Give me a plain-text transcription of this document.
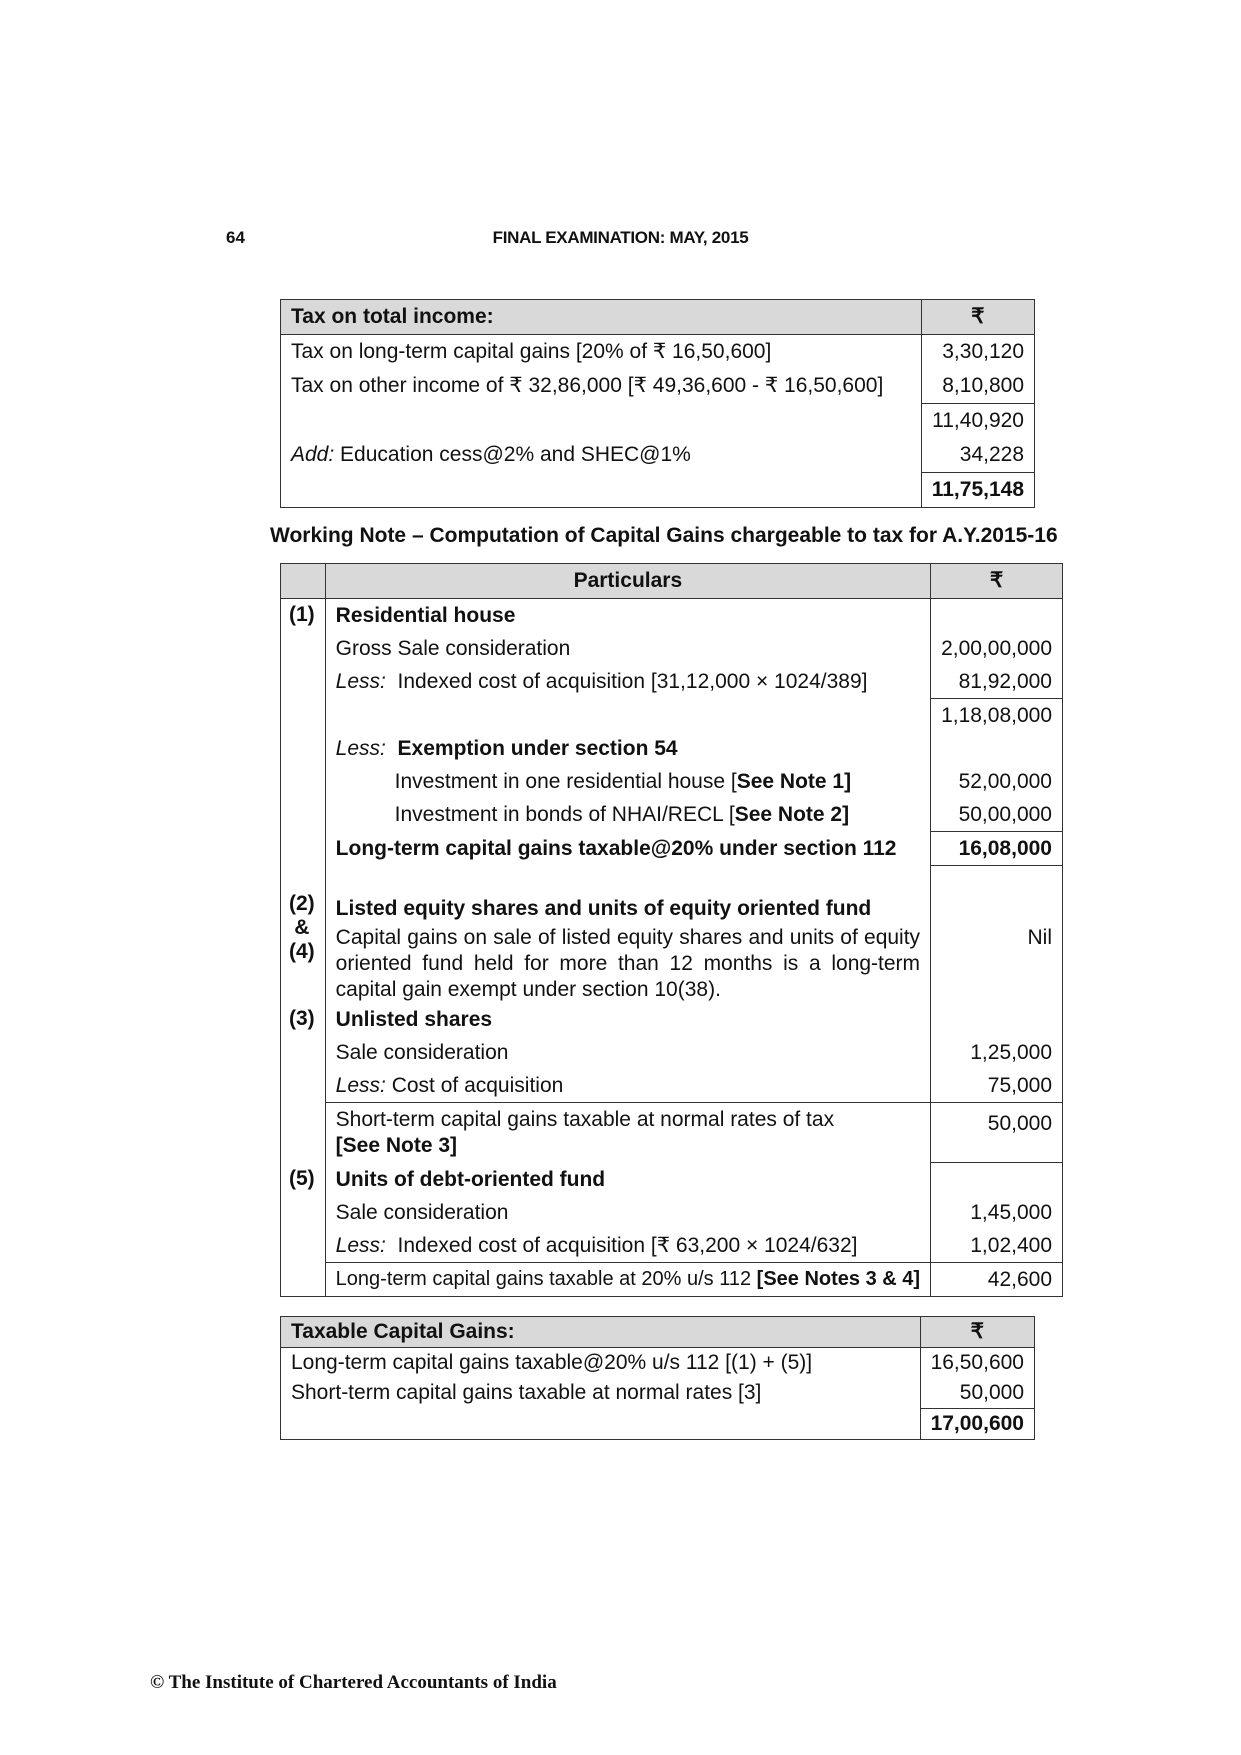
64	FINAL EXAMINATION: MAY, 2015
Tax on total income:	₹
Tax on long-term capital gains [20% of ₹ 16,50,600]	3,30,120
Tax on other income of ₹ 32,86,000 [₹ 49,36,600 - ₹ 16,50,600]	8,10,800
	11,40,920
Add: Education cess@2% and SHEC@1%	34,228
	11,75,148
Working Note – Computation of Capital Gains chargeable to tax for A.Y.2015-16
	Particulars	₹
(1)	Residential house	
	Gross Sale consideration	2,00,00,000
	Less:  Indexed cost of acquisition [31,12,000 × 1024/389]	81,92,000
		1,18,08,000
	Less: Exemption under section 54	
	Investment in one residential house [See Note 1]	52,00,000
	Investment in bonds of NHAI/RECL [See Note 2]	50,00,000
	Long-term capital gains taxable@20% under section 112	16,08,000

(2)
&
(4)	Listed equity shares and units of equity oriented fund	
	Capital gains on sale of listed equity shares and units of equity oriented fund held for more than 12 months is a long-term capital gain exempt under section 10(38).	Nil
(3)	Unlisted shares	
	Sale consideration	1,25,000
	Less: Cost of acquisition	75,000
	Short-term capital gains taxable at normal rates of tax
[See Note 3]	50,000
(5)	Units of debt-oriented fund	
	Sale consideration	1,45,000
	Less:  Indexed cost of acquisition [₹ 63,200 × 1024/632]	1,02,400
	Long-term capital gains taxable at 20% u/s 112 [See Notes 3 & 4]	42,600
Taxable Capital Gains:	₹
Long-term capital gains taxable@20% u/s 112 [(1) + (5)]	16,50,600
Short-term capital gains taxable at normal rates [3]	50,000
	17,00,600
© The Institute of Chartered Accountants of India
